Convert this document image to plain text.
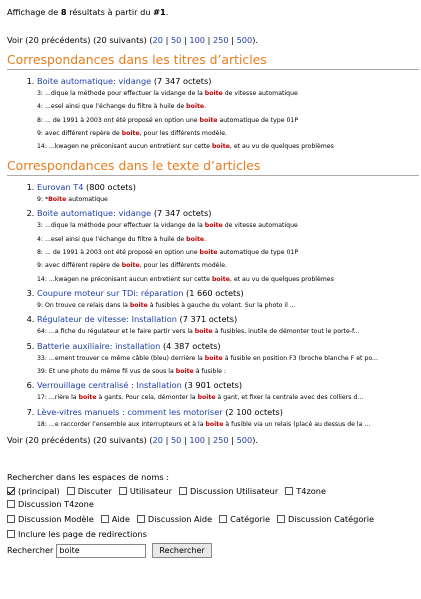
Affichage de 8 résultats à partir du #1.
Voir (20 précédents) (20 suivants) (20 | 50 | 100 | 250 | 500).
Correspondances dans les titres d’articles
1. Boite automatique: vidange (7 347 octets)
3: ...dique la méthode pour effectuer la vidange de la boite de vitesse automatique
4: ...esel ainsi que l’échange du filtre à huile de boite.
8: ... de 1991 à 2003 ont été proposé en option une boite automatique de type 01P
9: avec différent repère de boite, pour les différents modèle.
14: ...kwagen ne préconisant aucun entretient sur cette boite, et au vu de quelques problèmes
Correspondances dans le texte d’articles
1. Eurovan T4 (800 octets)
9: *Boite automatique
2. Boite automatique: vidange (7 347 octets)
3: ...dique la méthode pour effectuer la vidange de la boite de vitesse automatique
4: ...esel ainsi que l’échange du filtre à huile de boite.
8: ... de 1991 à 2003 ont été proposé en option une boite automatique de type 01P
9: avec différent repère de boite, pour les différents modèle.
14: ...kwagen ne préconisant aucun entretient sur cette boite, et au vu de quelques problèmes
3. Coupure moteur sur TDi: réparation (1 660 octets)
9: On trouve ce relais dans la boite à fusibles à gauche du volant. Sur la photo il ...
4. Régulateur de vitesse: Installation (7 371 octets)
64: ...a fiche du régulateur et le faire partir vers la boite à fusibles, inutile de démonter tout le porte-f...
5. Batterie auxiliaire: installation (4 387 octets)
33: ...ement trouver ce même câble (bleu) derrière la boite à fusible en position F3 (broche blanche F et po...
39: Et une photo du même fil vus de sous la boite à fusible :
6. Verrouillage centralisé : Installation (3 901 octets)
17: ...rière la boite à gants. Pour cela, démonter la boite à gant, et fixer la centrale avec des colliers d...
7. Lève-vitres manuels : comment les motoriser (2 100 octets)
18: ...e raccorder l’ensemble aux interrupteurs et à la boite à fusible via un relais (placé au dessus de la ...
Voir (20 précédents) (20 suivants) (20 | 50 | 100 | 250 | 500).
Rechercher dans les espaces de noms :
(principal) Discuter Utilisateur Discussion Utilisateur T4zone
Discussion T4zone
Discussion Modèle Aide Discussion Aide Catégorie Discussion Catégorie
Inclure les page de redirections
Rechercher
boite	Rechercher
